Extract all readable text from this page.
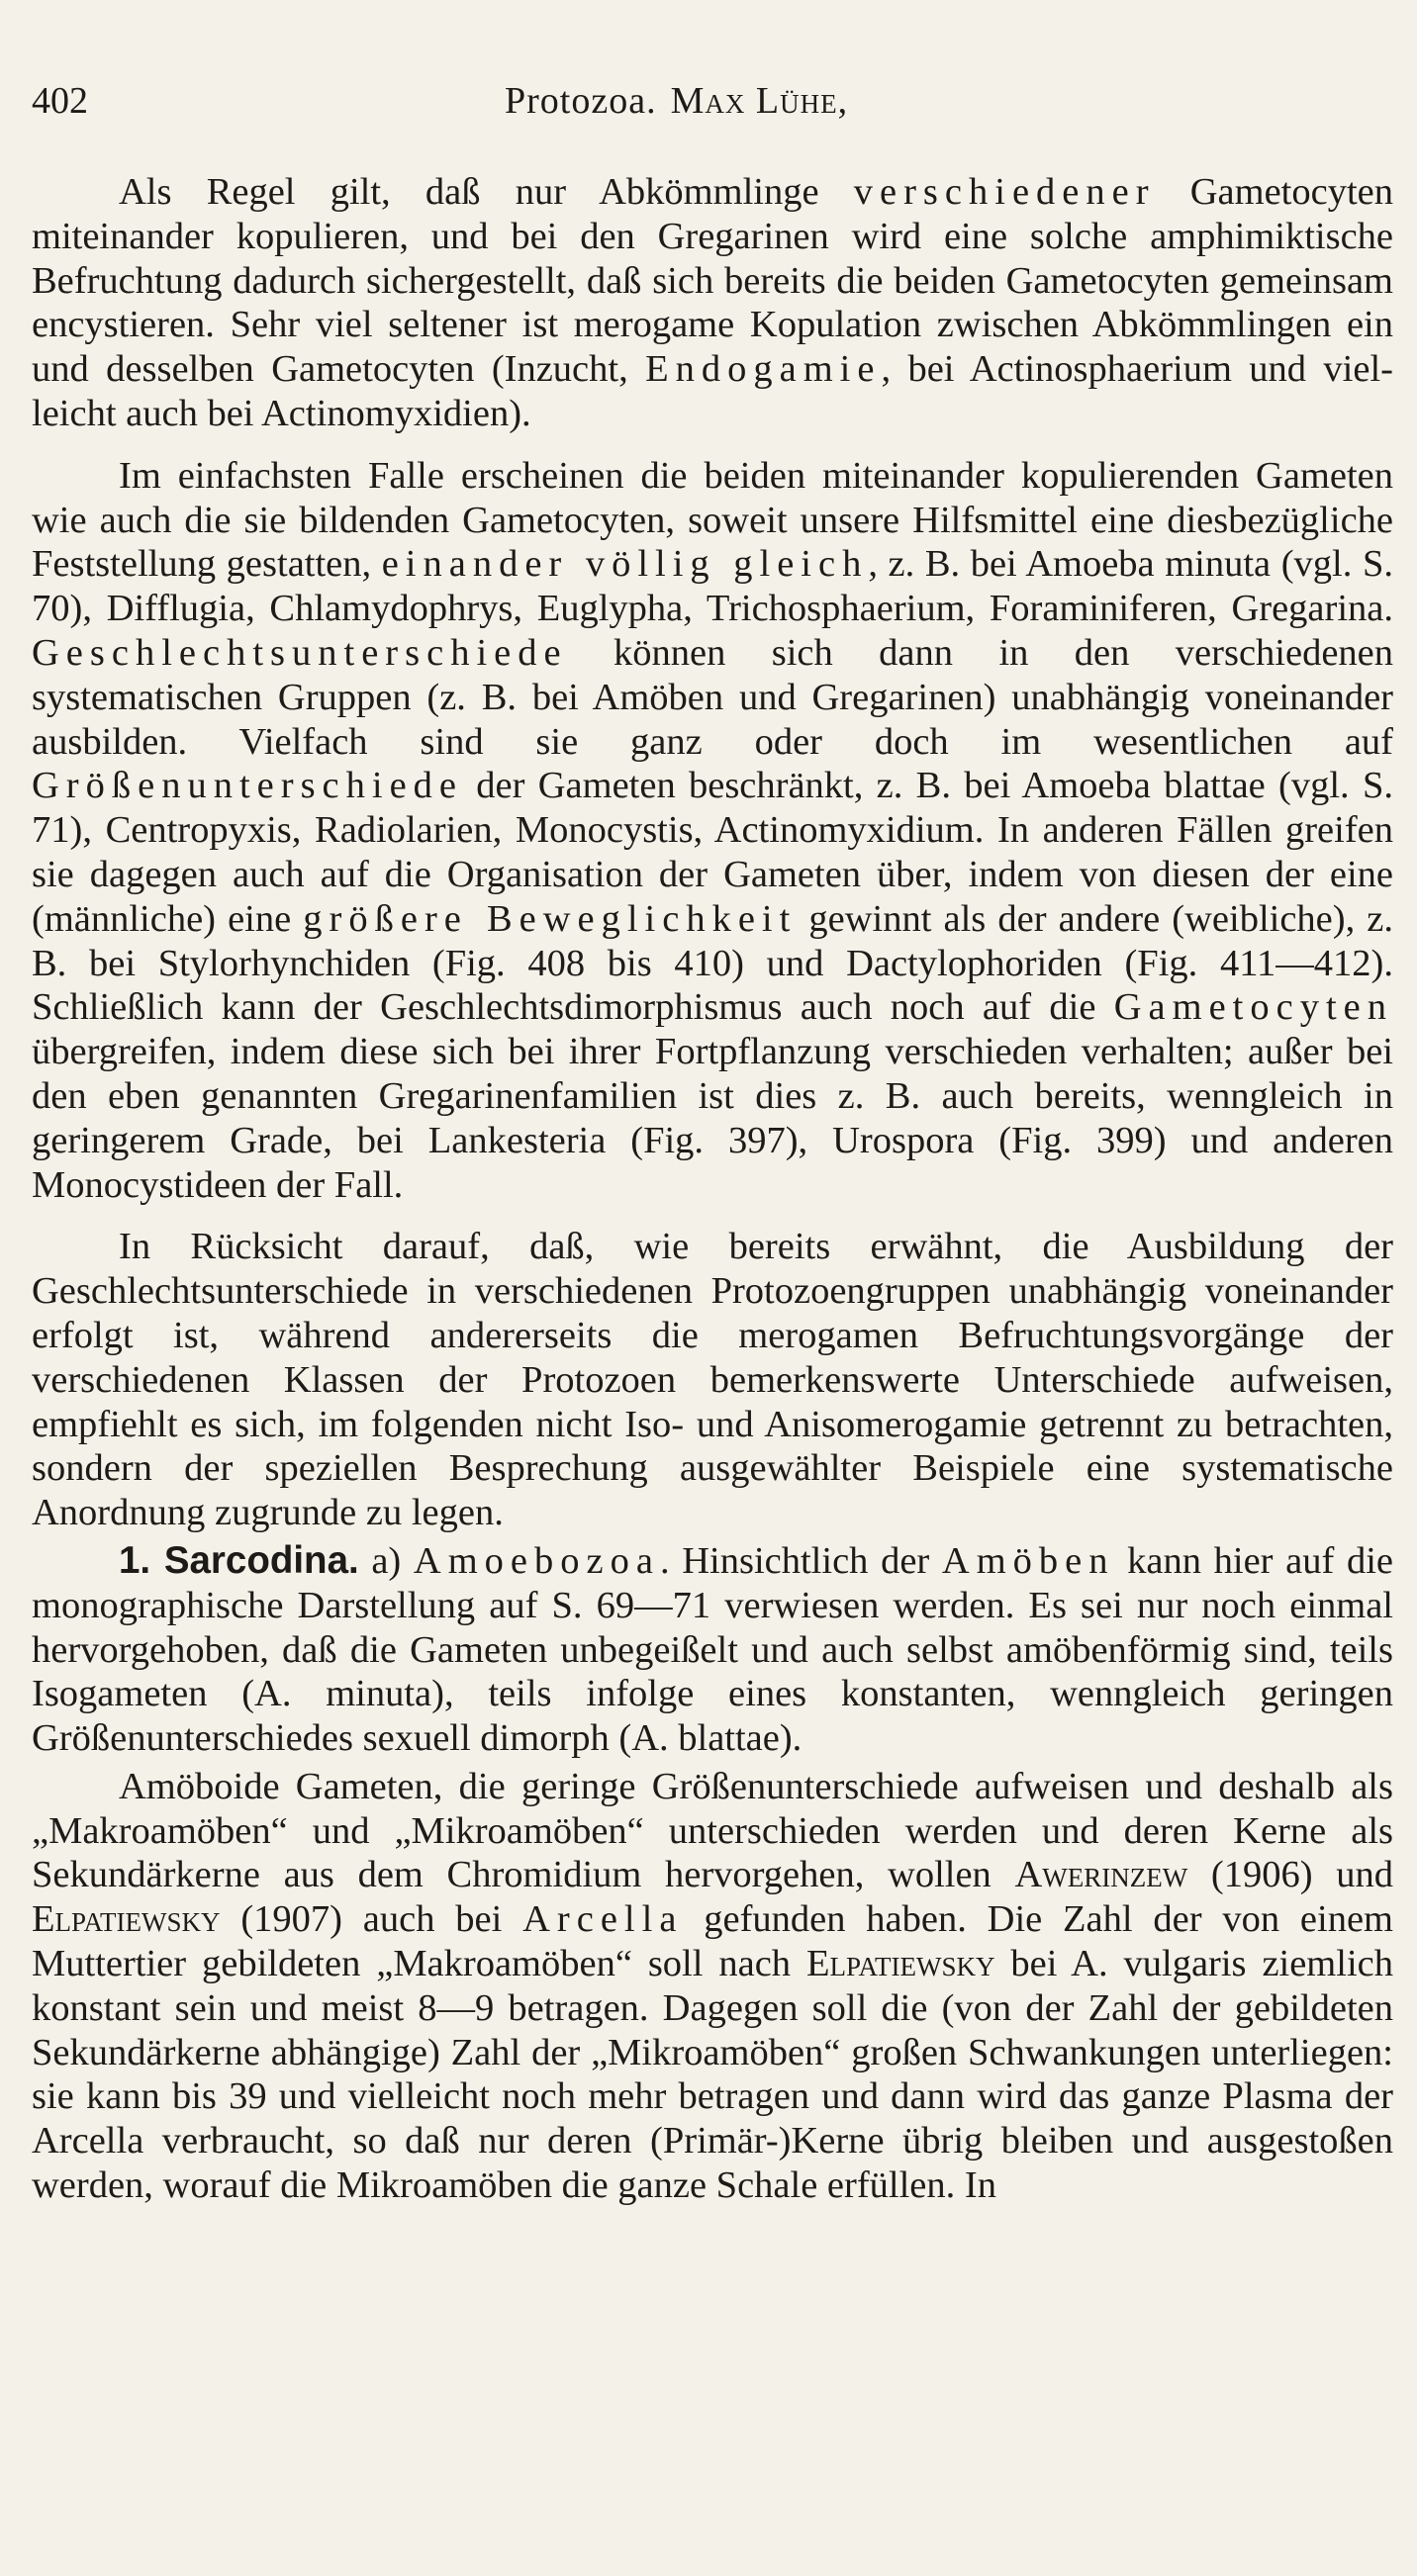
402	Protozoa. Max Lühe,

Als Regel gilt, daß nur Abkömmlinge verschiedener Gametocyten miteinander kopulieren, und bei den Gregarinen wird eine solche amphimiktische Befruchtung dadurch sichergestellt, daß sich bereits die beiden Gametocyten gemeinsam encystieren. Sehr viel seltener ist merogame Kopulation zwischen Abkömmlingen ein und desselben Gametocyten (Inzucht, Endogamie, bei Actinosphaerium und vielleicht auch bei Actinomyxidien).

Im einfachsten Falle erscheinen die beiden miteinander kopulierenden Gameten wie auch die sie bildenden Gametocyten, soweit unsere Hilfsmittel eine diesbezügliche Feststellung gestatten, einander völlig gleich, z. B. bei Amoeba minuta (vgl. S. 70), Difflugia, Chlamydophrys, Euglypha, Trichosphaerium, Foraminiferen, Gregarina. Geschlechtsunterschiede können sich dann in den verschiedenen systematischen Gruppen (z. B. bei Amöben und Gregarinen) unabhängig voneinander ausbilden. Vielfach sind sie ganz oder doch im wesentlichen auf Größenunterschiede der Gameten beschränkt, z. B. bei Amoeba blattae (vgl. S. 71), Centropyxis, Radiolarien, Monocystis, Actinomyxidium. In anderen Fällen greifen sie dagegen auch auf die Organisation der Gameten über, indem von diesen der eine (männliche) eine größere Beweglichkeit gewinnt als der andere (weibliche), z. B. bei Stylorhynchiden (Fig. 408 bis 410) und Dactylophoriden (Fig. 411—412). Schließlich kann der Geschlechtsdimorphismus auch noch auf die Gametocyten übergreifen, indem diese sich bei ihrer Fortpflanzung verschieden verhalten; außer bei den eben genannten Gregarinenfamilien ist dies z. B. auch bereits, wenngleich in geringerem Grade, bei Lankesteria (Fig. 397), Urospora (Fig. 399) und anderen Monocystideen der Fall.

In Rücksicht darauf, daß, wie bereits erwähnt, die Ausbildung der Geschlechtsunterschiede in verschiedenen Protozoengruppen unabhängig voneinander erfolgt ist, während andererseits die merogamen Befruchtungsvorgänge der verschiedenen Klassen der Protozoen bemerkenswerte Unterschiede aufweisen, empfiehlt es sich, im folgenden nicht Iso- und Anisomerogamie getrennt zu betrachten, sondern der speziellen Besprechung ausgewählter Beispiele eine systematische Anordnung zugrunde zu legen.

1. Sarcodina. a) Amoebozoa. Hinsichtlich der Amöben kann hier auf die monographische Darstellung auf S. 69—71 verwiesen werden. Es sei nur noch einmal hervorgehoben, daß die Gameten unbegeißelt und auch selbst amöbenförmig sind, teils Isogameten (A. minuta), teils infolge eines konstanten, wenngleich geringen Größenunterschiedes sexuell dimorph (A. blattae).

Amöboide Gameten, die geringe Größenunterschiede aufweisen und deshalb als „Makroamöben“ und „Mikroamöben“ unterschieden werden und deren Kerne als Sekundärkerne aus dem Chromidium hervorgehen, wollen Awerinzew (1906) und Elpatiewsky (1907) auch bei Arcella gefunden haben. Die Zahl der von einem Muttertier gebildeten „Makroamöben“ soll nach Elpatiewsky bei A. vulgaris ziemlich konstant sein und meist 8—9 betragen. Dagegen soll die (von der Zahl der gebildeten Sekundärkerne abhängige) Zahl der „Mikroamöben“ großen Schwankungen unterliegen: sie kann bis 39 und vielleicht noch mehr betragen und dann wird das ganze Plasma der Arcella verbraucht, so daß nur deren (Primär-)Kerne übrig bleiben und ausgestoßen werden, worauf die Mikroamöben die ganze Schale erfüllen. In
